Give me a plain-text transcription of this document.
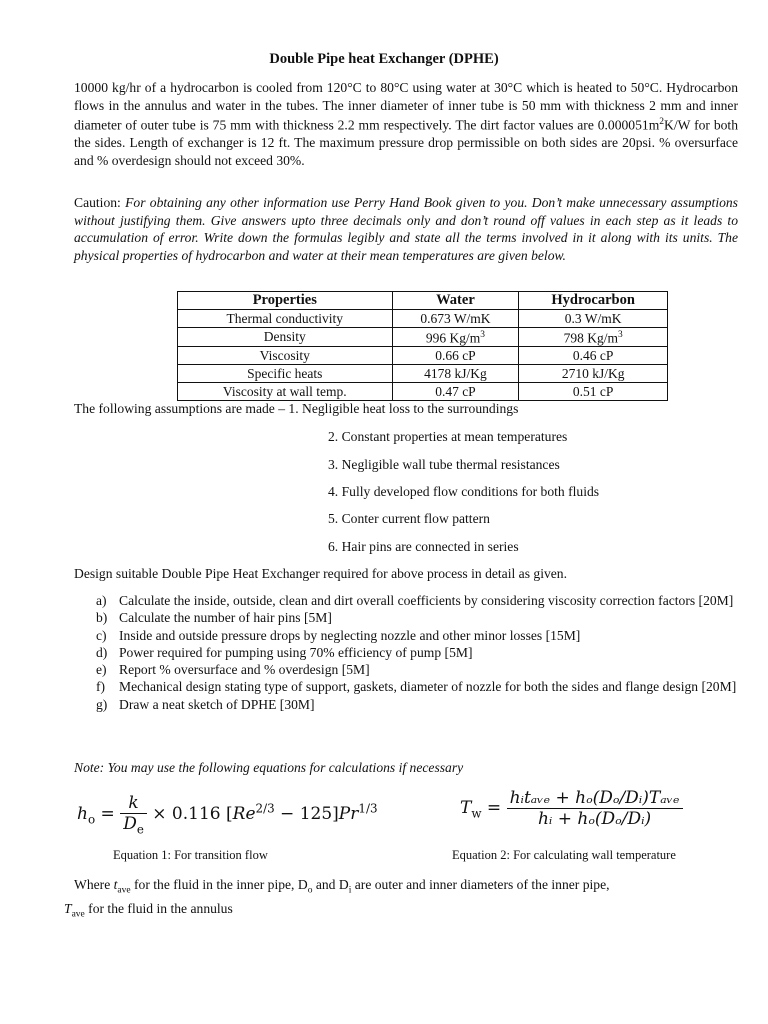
Double Pipe heat Exchanger (DPHE)
10000 kg/hr of a hydrocarbon is cooled from 120°C to 80°C using water at 30°C which is heated to 50°C. Hydrocarbon flows in the annulus and water in the tubes. The inner diameter of inner tube is 50 mm with thickness 2 mm and inner diameter of outer tube is 75 mm with thickness 2.2 mm respectively. The dirt factor values are $0.000051m^2K/W$ for both the sides. Length of exchanger is 12 ft. The maximum pressure drop permissible on both sides are 20psi. % oversurface and % overdesign should not exceed 30%.
Caution: For obtaining any other information use Perry Hand Book given to you. Don’t make unnecessary assumptions without justifying them. Give answers upto three decimals only and don’t round off values in each step as it leads to accumulation of error. Write down the formulas legibly and state all the terms involved in it along with its units. The physical properties of hydrocarbon and water at their mean temperatures are given below.
Properties	Water	Hydrocarbon
Thermal conductivity	0.673 W/mK	0.3 W/mK
Density	996 $Kg/m^3$	798 $Kg/m^3$
Viscosity	0.66 cP	0.46 cP
Specific heats	4178 kJ/Kg	2710 kJ/Kg
Viscosity at wall temp.	0.47 cP	0.51 cP
The following assumptions are made – 1. Negligible heat loss to the surroundings
2. Constant properties at mean temperatures
3. Negligible wall tube thermal resistances
4. Fully developed flow conditions for both fluids
5. Conter current flow pattern
6. Hair pins are connected in series
Design suitable Double Pipe Heat Exchanger required for above process in detail as given.
a) Calculate the inside, outside, clean and dirt overall coefficients by considering viscosity correction factors [20M]
b) Calculate the number of hair pins [5M]
c) Inside and outside pressure drops by neglecting nozzle and other minor losses [15M]
d) Power required for pumping using 70% efficiency of pump [5M]
e) Report % oversurface and % overdesign [5M]
f)	Mechanical design stating type of support, gaskets, diameter of nozzle for both the sides and flange design [20M]
g) Draw a neat sketch of DPHE [30M]
Note: You may use the following equations for calculations if necessary
$h_o = \frac{k}{D_e} \times 0.116$ $[Re^{2/3} - 125]Pr^{1/3}$	$T_w = \frac{\text{hᵢtₐᵥₑ + hₒ(Dₒ/Dᵢ)Tₐᵥₑ}}{\text{hᵢ + hₒ(Dₒ/Dᵢ)}}$
Equation 1: For transition flow	Equation 2: For calculating wall temperature
Where $t_{ave}$ for the fluid in the inner pipe, $D_o$ and $D_i$ are outer and inner diameters of the inner pipe,
$T_{ave}$ for the fluid in the annulus
